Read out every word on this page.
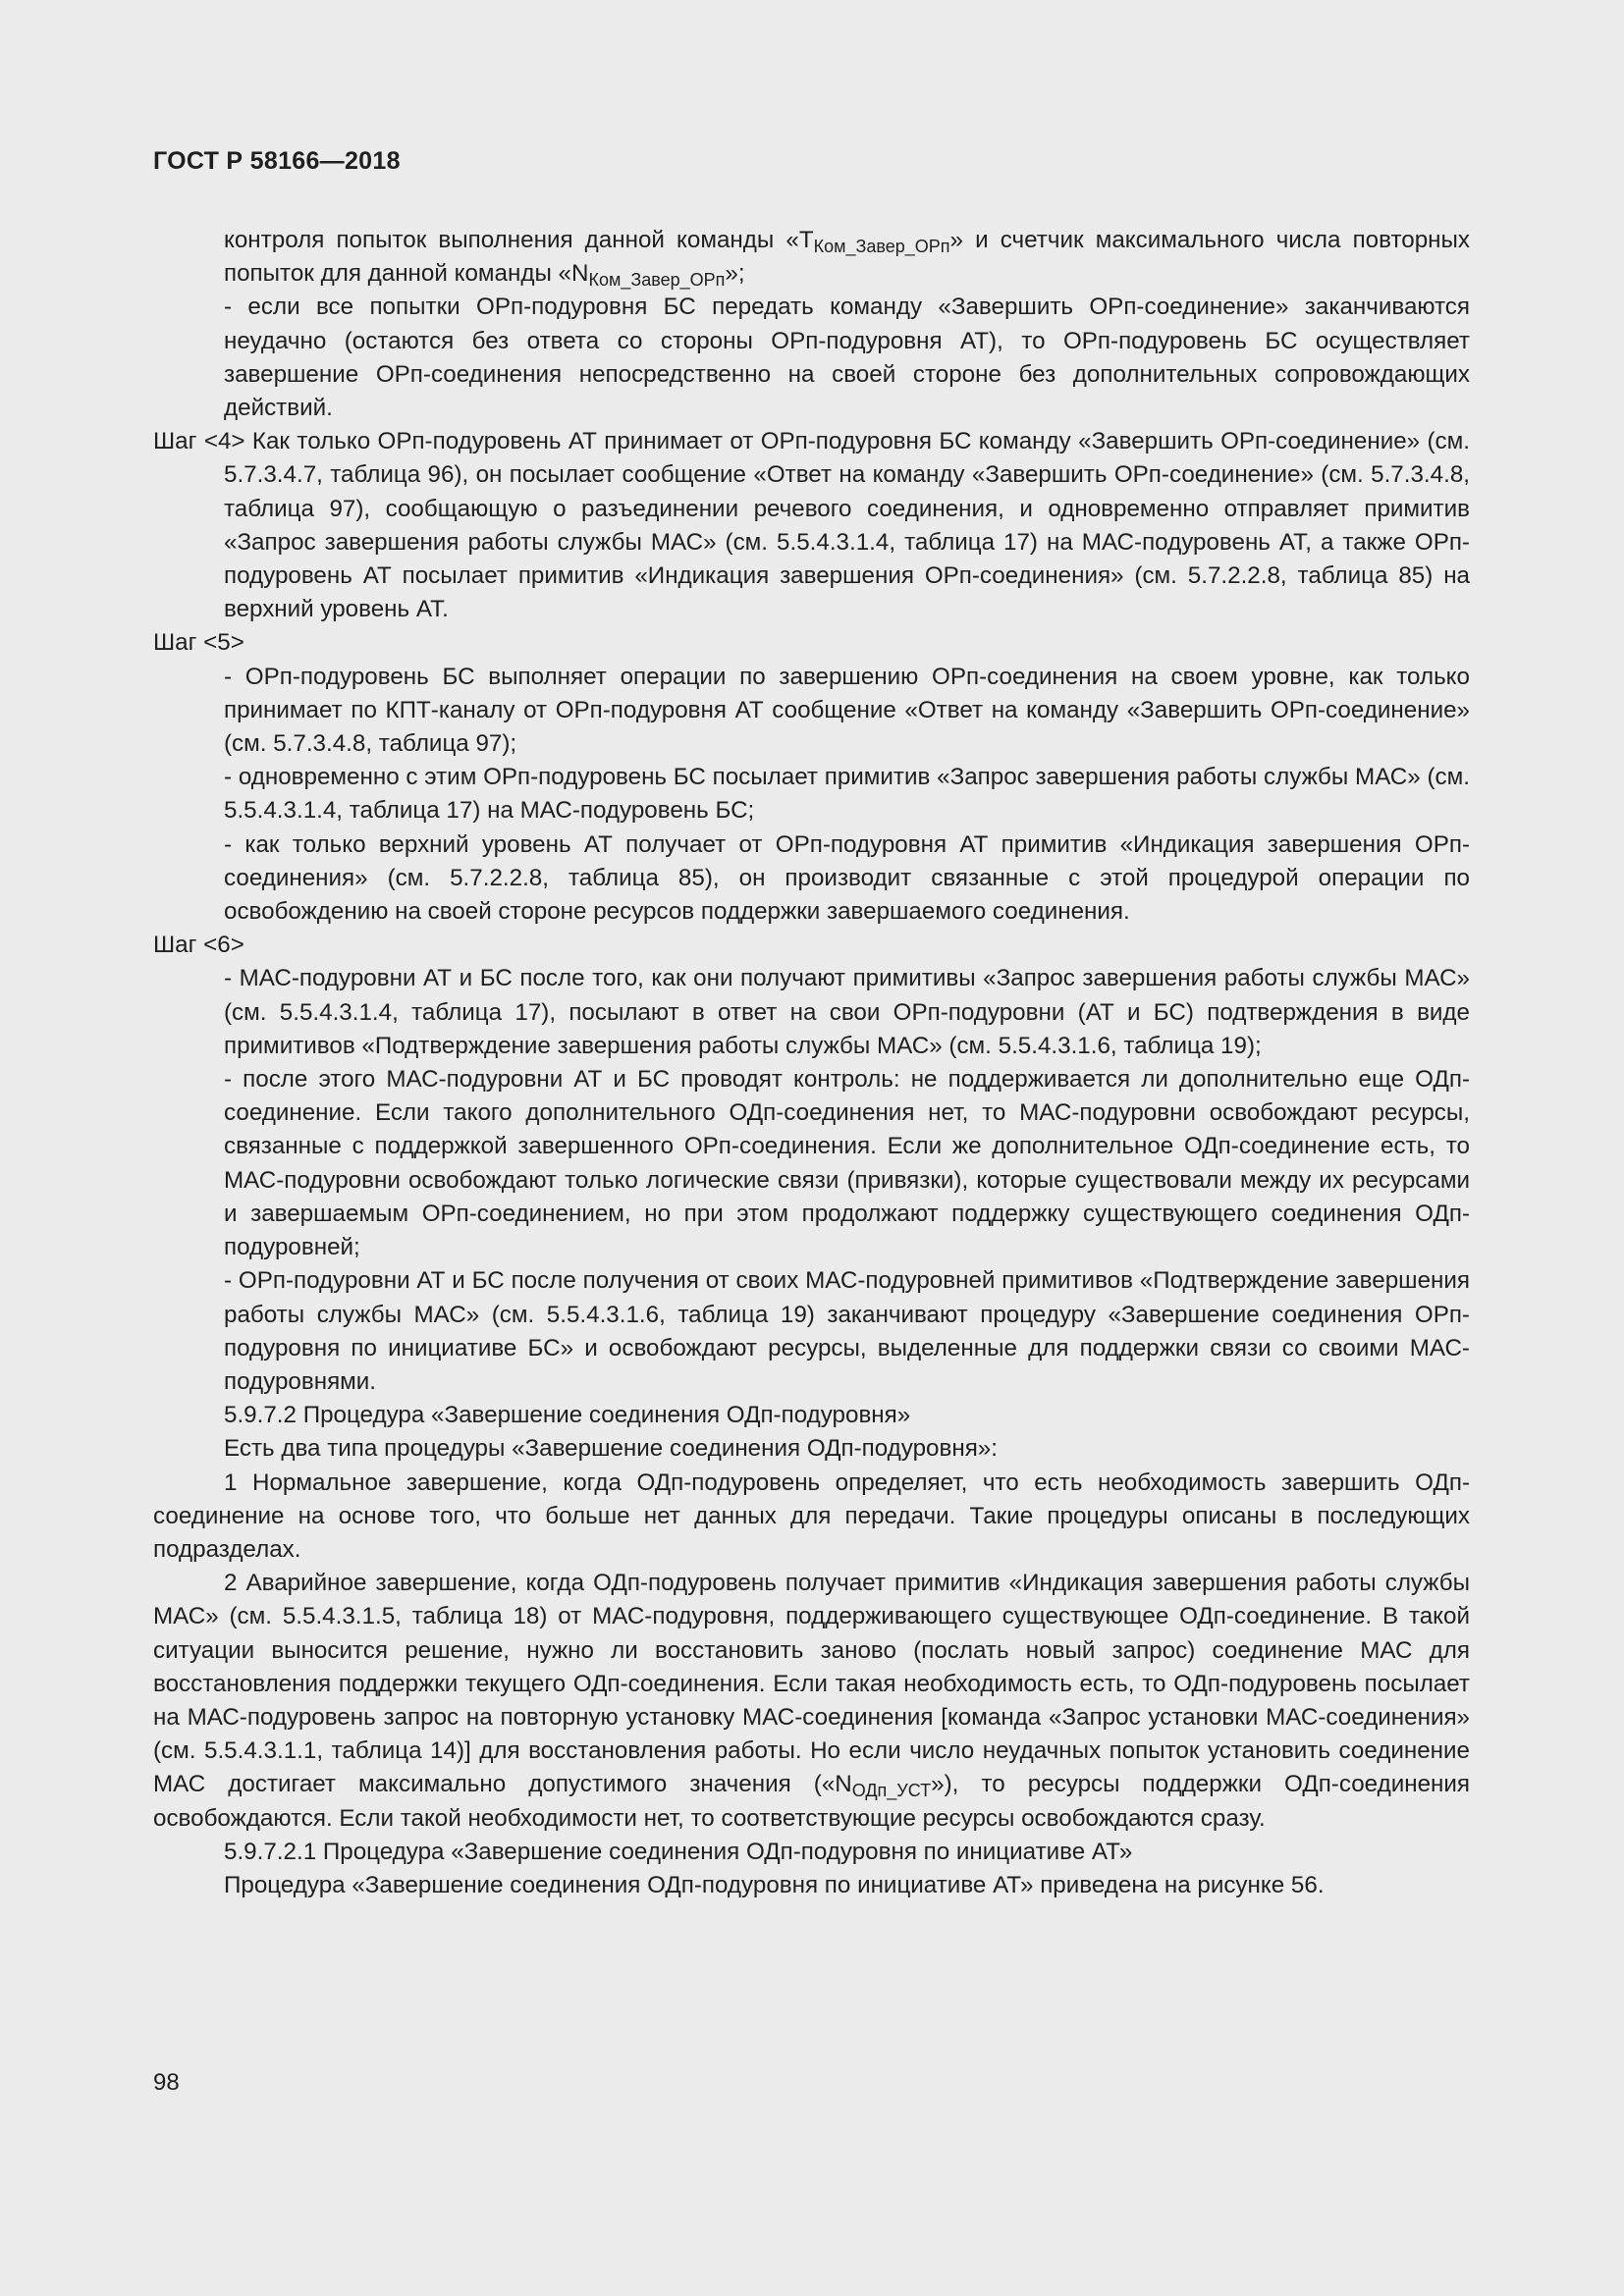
ГОСТ Р 58166—2018

контроля попыток выполнения данной команды «$Т_{Ком\_Завер\_ОРп}$» и счетчик максимального числа повторных попыток для данной команды «$N_{Ком\_Завер\_ОРп}$»;

- если все попытки ОРп-подуровня БС передать команду «Завершить ОРп-соединение» заканчиваются неудачно (остаются без ответа со стороны ОРп-подуровня АТ), то ОРп-подуровень БС осуществляет завершение ОРп-соединения непосредственно на своей стороне без дополнительных сопровождающих действий.

Шаг <4> Как только ОРп-подуровень АТ принимает от ОРп-подуровня БС команду «Завершить ОРп-соединение» (см. 5.7.3.4.7, таблица 96), он посылает сообщение «Ответ на команду «Завершить ОРп-соединение» (см. 5.7.3.4.8, таблица 97), сообщающую о разъединении речевого соединения, и одновременно отправляет примитив «Запрос завершения работы службы МАС» (см. 5.5.4.3.1.4, таблица 17) на МАС-подуровень АТ, а также ОРп-подуровень АТ посылает примитив «Индикация завершения ОРп-соединения» (см. 5.7.2.2.8, таблица 85) на верхний уровень АТ.

Шаг <5>

- ОРп-подуровень БС выполняет операции по завершению ОРп-соединения на своем уровне, как только принимает по КПТ-каналу от ОРп-подуровня АТ сообщение «Ответ на команду «Завершить ОРп-соединение» (см. 5.7.3.4.8, таблица 97);

- одновременно с этим ОРп-подуровень БС посылает примитив «Запрос завершения работы службы МАС» (см. 5.5.4.3.1.4, таблица 17) на МАС-подуровень БС;

- как только верхний уровень АТ получает от ОРп-подуровня АТ примитив «Индикация завершения ОРп-соединения» (см. 5.7.2.2.8, таблица 85), он производит связанные с этой процедурой операции по освобождению на своей стороне ресурсов поддержки завершаемого соединения.

Шаг <6>

- МАС-подуровни АТ и БС после того, как они получают примитивы «Запрос завершения работы службы МАС» (см. 5.5.4.3.1.4, таблица 17), посылают в ответ на свои ОРп-подуровни (АТ и БС) подтверждения в виде примитивов «Подтверждение завершения работы службы МАС» (см. 5.5.4.3.1.6, таблица 19);

- после этого МАС-подуровни АТ и БС проводят контроль: не поддерживается ли дополнительно еще ОДп-соединение. Если такого дополнительного ОДп-соединения нет, то МАС-подуровни освобождают ресурсы, связанные с поддержкой завершенного ОРп-соединения. Если же дополнительное ОДп-соединение есть, то МАС-подуровни освобождают только логические связи (привязки), которые существовали между их ресурсами и завершаемым ОРп-соединением, но при этом продолжают поддержку существующего соединения ОДп-подуровней;

- ОРп-подуровни АТ и БС после получения от своих МАС-подуровней примитивов «Подтверждение завершения работы службы МАС» (см. 5.5.4.3.1.6, таблица 19) заканчивают процедуру «Завершение соединения ОРп-подуровня по инициативе БС» и освобождают ресурсы, выделенные для поддержки связи со своими МАС-подуровнями.

5.9.7.2 Процедура «Завершение соединения ОДп-подуровня»

Есть два типа процедуры «Завершение соединения ОДп-подуровня»:

1 Нормальное завершение, когда ОДп-подуровень определяет, что есть необходимость завершить ОДп-соединение на основе того, что больше нет данных для передачи. Такие процедуры описаны в последующих подразделах.

2 Аварийное завершение, когда ОДп-подуровень получает примитив «Индикация завершения работы службы МАС» (см. 5.5.4.3.1.5, таблица 18) от МАС-подуровня, поддерживающего существующее ОДп-соединение. В такой ситуации выносится решение, нужно ли восстановить заново (послать новый запрос) соединение МАС для восстановления поддержки текущего ОДп-соединения. Если такая необходимость есть, то ОДп-подуровень посылает на МАС-подуровень запрос на повторную установку МАС-соединения [команда «Запрос установки МАС-соединения» (см. 5.5.4.3.1.1, таблица 14)] для восстановления работы. Но если число неудачных попыток установить соединение МАС достигает максимально допустимого значения $(«N_{ОДп\_УСТ}»)$, то ресурсы поддержки ОДп-соединения освобождаются. Если такой необходимости нет, то соответствующие ресурсы освобождаются сразу.

5.9.7.2.1 Процедура «Завершение соединения ОДп-подуровня по инициативе АТ»

Процедура «Завершение соединения ОДп-подуровня по инициативе АТ» приведена на рисунке 56.

98
